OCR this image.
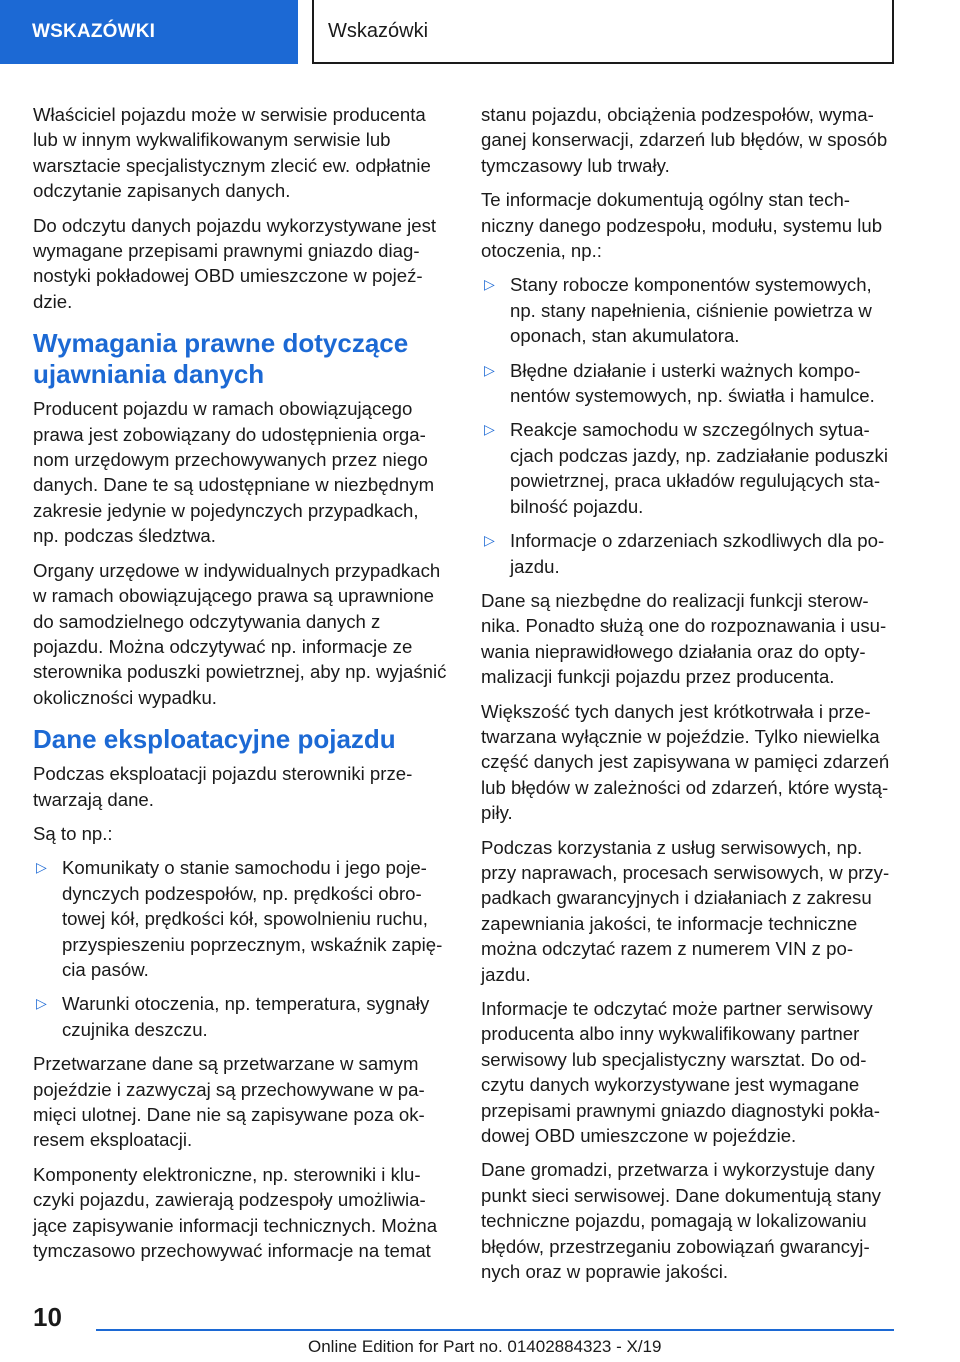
WSKAZÓWKI	Wskazówki

Właściciel pojazdu może w serwisie producenta lub w innym wykwalifikowanym serwisie lub warsztacie specjalistycznym zlecić ew. odpłatnie odczytanie zapisanych danych.

Do odczytu danych pojazdu wykorzystywane jest wymagane przepisami prawnymi gniazdo diagnostyki pokładowej OBD umieszczone w pojeździe.

Wymagania prawne dotyczące ujawniania danych

Producent pojazdu w ramach obowiązującego prawa jest zobowiązany do udostępnienia organom urzędowym przechowywanych przez niego danych. Dane te są udostępniane w niezbędnym zakresie jedynie w pojedynczych przypadkach, np. podczas śledztwa.

Organy urzędowe w indywidualnych przypadkach w ramach obowiązującego prawa są uprawnione do samodzielnego odczytywania danych z pojazdu. Można odczytywać np. informacje ze sterownika poduszki powietrznej, aby np. wyjaśnić okoliczności wypadku.

Dane eksploatacyjne pojazdu

Podczas eksploatacji pojazdu sterowniki przetwarzają dane.

Są to np.:

▷ Komunikaty o stanie samochodu i jego pojedynczych podzespołów, np. prędkości obrotowej kół, prędkości kół, spowolnieniu ruchu, przyspieszeniu poprzecznym, wskaźnik zapięcia pasów.
▷ Warunki otoczenia, np. temperatura, sygnały czujnika deszczu.

Przetwarzane dane są przetwarzane w samym pojeździe i zazwyczaj są przechowywane w pamięci ulotnej. Dane nie są zapisywane poza okresem eksploatacji.

Komponenty elektroniczne, np. sterowniki i kluczyki pojazdu, zawierają podzespoły umożliwiające zapisywanie informacji technicznych. Można tymczasowo przechowywać informacje na temat

stanu pojazdu, obciążenia podzespołów, wymaganej konserwacji, zdarzeń lub błędów, w sposób tymczasowy lub trwały.

Te informacje dokumentują ogólny stan techniczny danego podzespołu, modułu, systemu lub otoczenia, np.:

▷ Stany robocze komponentów systemowych, np. stany napełnienia, ciśnienie powietrza w oponach, stan akumulatora.
▷ Błędne działanie i usterki ważnych komponentów systemowych, np. światła i hamulce.
▷ Reakcje samochodu w szczególnych sytuacjach podczas jazdy, np. zadziałanie poduszki powietrznej, praca układów regulujących stabilność pojazdu.
▷ Informacje o zdarzeniach szkodliwych dla pojazdu.

Dane są niezbędne do realizacji funkcji sterownika. Ponadto służą one do rozpoznawania i usuwania nieprawidłowego działania oraz do optymalizacji funkcji pojazdu przez producenta.

Większość tych danych jest krótkotrwała i przetwarzana wyłącznie w pojeździe. Tylko niewielka część danych jest zapisywana w pamięci zdarzeń lub błędów w zależności od zdarzeń, które wystąpiły.

Podczas korzystania z usług serwisowych, np. przy naprawach, procesach serwisowych, w przypadkach gwarancyjnych i działaniach z zakresu zapewniania jakości, te informacje techniczne można odczytać razem z numerem VIN z pojazdu.

Informacje te odczytać może partner serwisowy producenta albo inny wykwalifikowany partner serwisowy lub specjalistyczny warsztat. Do odczytu danych wykorzystywane jest wymagane przepisami prawnymi gniazdo diagnostyki pokładowej OBD umieszczone w pojeździe.

Dane gromadzi, przetwarza i wykorzystuje dany punkt sieci serwisowej. Dane dokumentują stany techniczne pojazdu, pomagają w lokalizowaniu błędów, przestrzeganiu zobowiązań gwarancyjnych oraz w poprawie jakości.

10
Online Edition for Part no. 01402884323 - X/19
